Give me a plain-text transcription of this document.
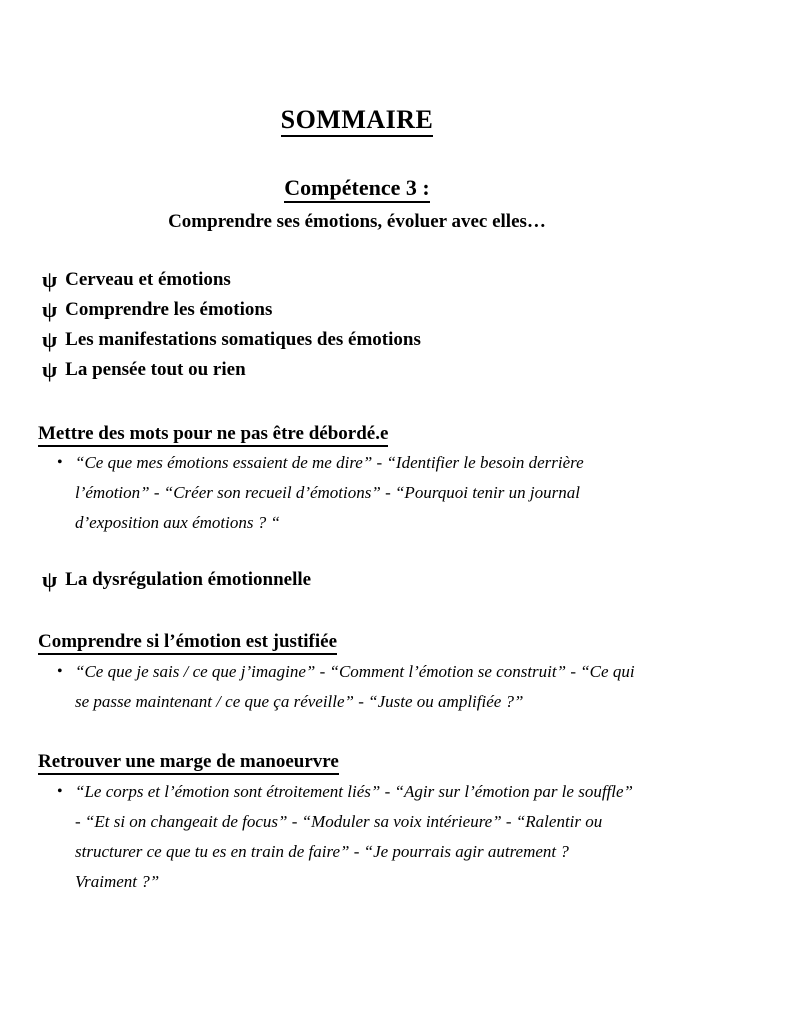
SOMMAIRE
Compétence 3 :
Comprendre ses émotions, évoluer avec elles…
ψ Cerveau et émotions
ψ Comprendre les émotions
ψ Les manifestations somatiques des émotions
ψ La pensée tout ou rien
Mettre des mots pour ne pas être débordé.e
• “Ce que mes émotions essaient de me dire” - “Identifier le besoin derrière
l’émotion” - “Créer son recueil d’émotions” - “Pourquoi tenir un journal
d’exposition aux émotions ? “
ψ La dysrégulation émotionnelle
Comprendre si l’émotion est justifiée
• “Ce que je sais / ce que j’imagine” - “Comment l’émotion se construit” - “Ce qui
se passe maintenant / ce que ça réveille” - “Juste ou amplifiée ?”
Retrouver une marge de manoeurvre
• “Le corps et l’émotion sont étroitement liés” - “Agir sur l’émotion par le souffle”
- “Et si on changeait de focus” - “Moduler sa voix intérieure” - “Ralentir ou
structurer ce que tu es en train de faire” - “Je pourrais agir autrement ?
Vraiment ?”
